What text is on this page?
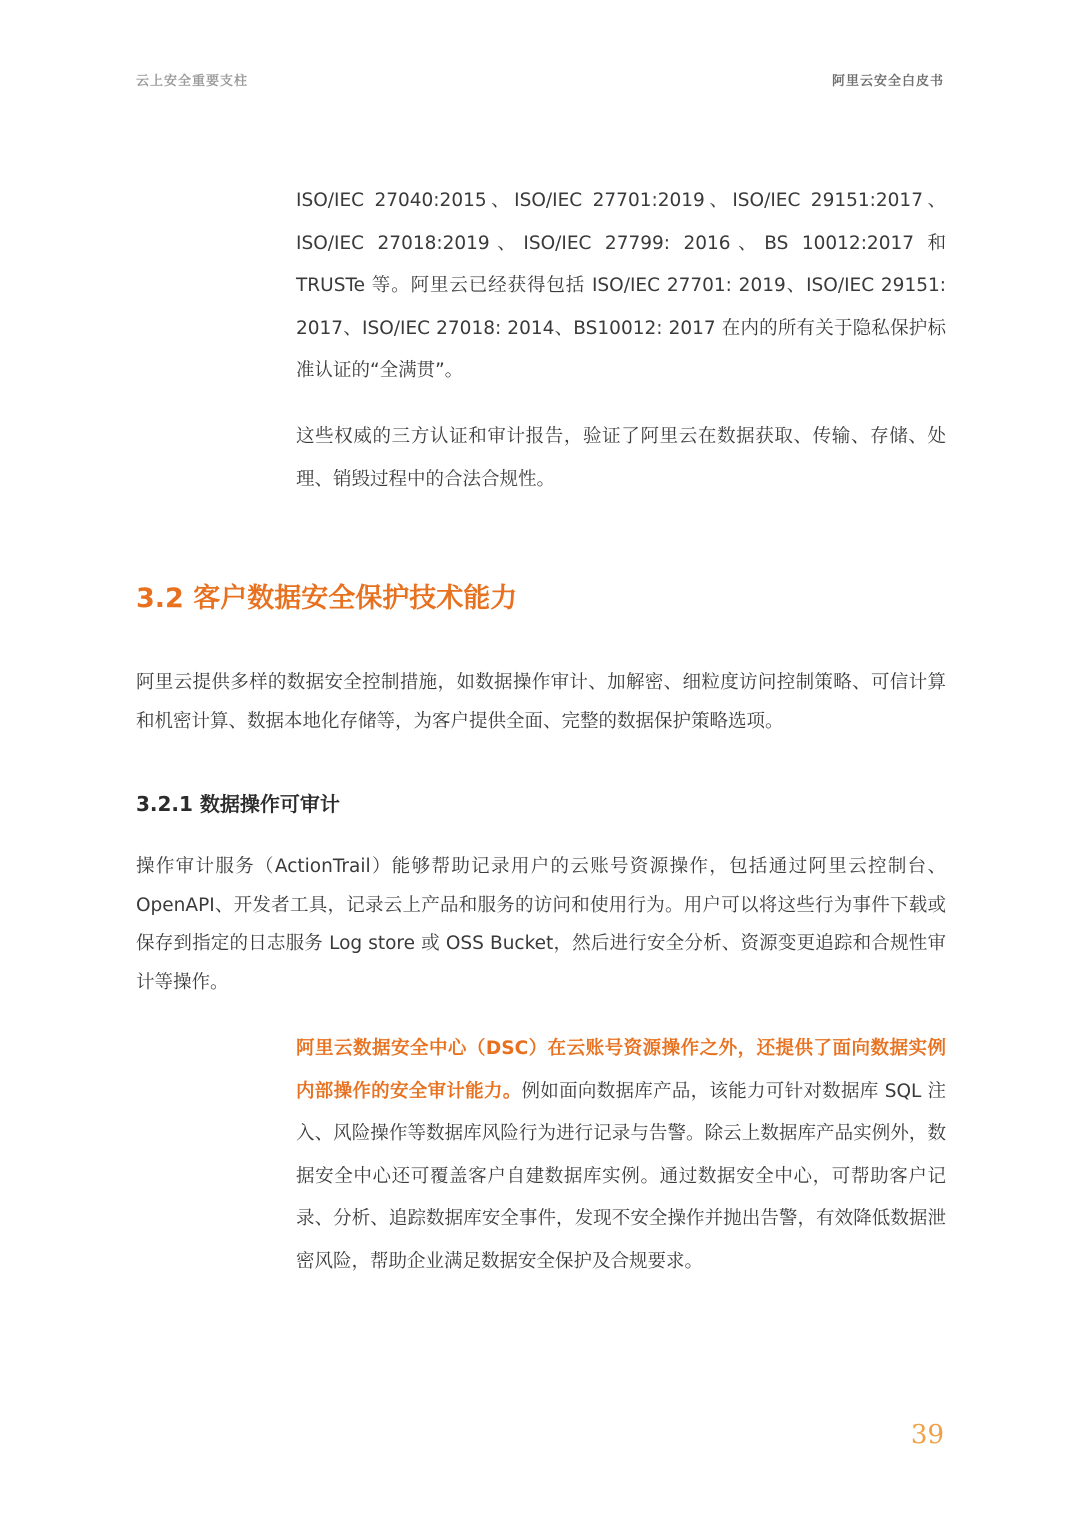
云上安全重要支柱	阿里云安全白皮书

ISO/IEC 27040:2015、ISO/IEC 27701:2019、ISO/IEC 29151:2017、ISO/IEC 27018:2019、ISO/IEC 27799: 2016、BS 10012:2017 和 TRUSTe 等。阿里云已经获得包括 ISO/IEC 27701: 2019、ISO/IEC 29151: 2017、ISO/IEC 27018: 2014、BS10012: 2017 在内的所有关于隐私保护标准认证的“全满贯”。

这些权威的三方认证和审计报告，验证了阿里云在数据获取、传输、存储、处理、销毁过程中的合法合规性。

3.2 客户数据安全保护技术能力

阿里云提供多样的数据安全控制措施，如数据操作审计、加解密、细粒度访问控制策略、可信计算和机密计算、数据本地化存储等，为客户提供全面、完整的数据保护策略选项。

3.2.1 数据操作可审计

操作审计服务（ActionTrail）能够帮助记录用户的云账号资源操作，包括通过阿里云控制台、OpenAPI、开发者工具，记录云上产品和服务的访问和使用行为。用户可以将这些行为事件下载或保存到指定的日志服务 Log store 或 OSS Bucket，然后进行安全分析、资源变更追踪和合规性审计等操作。

阿里云数据安全中心（DSC）在云账号资源操作之外，还提供了面向数据实例内部操作的安全审计能力。例如面向数据库产品，该能力可针对数据库 SQL 注入、风险操作等数据库风险行为进行记录与告警。除云上数据库产品实例外，数据安全中心还可覆盖客户自建数据库实例。通过数据安全中心，可帮助客户记录、分析、追踪数据库安全事件，发现不安全操作并抛出告警，有效降低数据泄密风险，帮助企业满足数据安全保护及合规要求。

39
